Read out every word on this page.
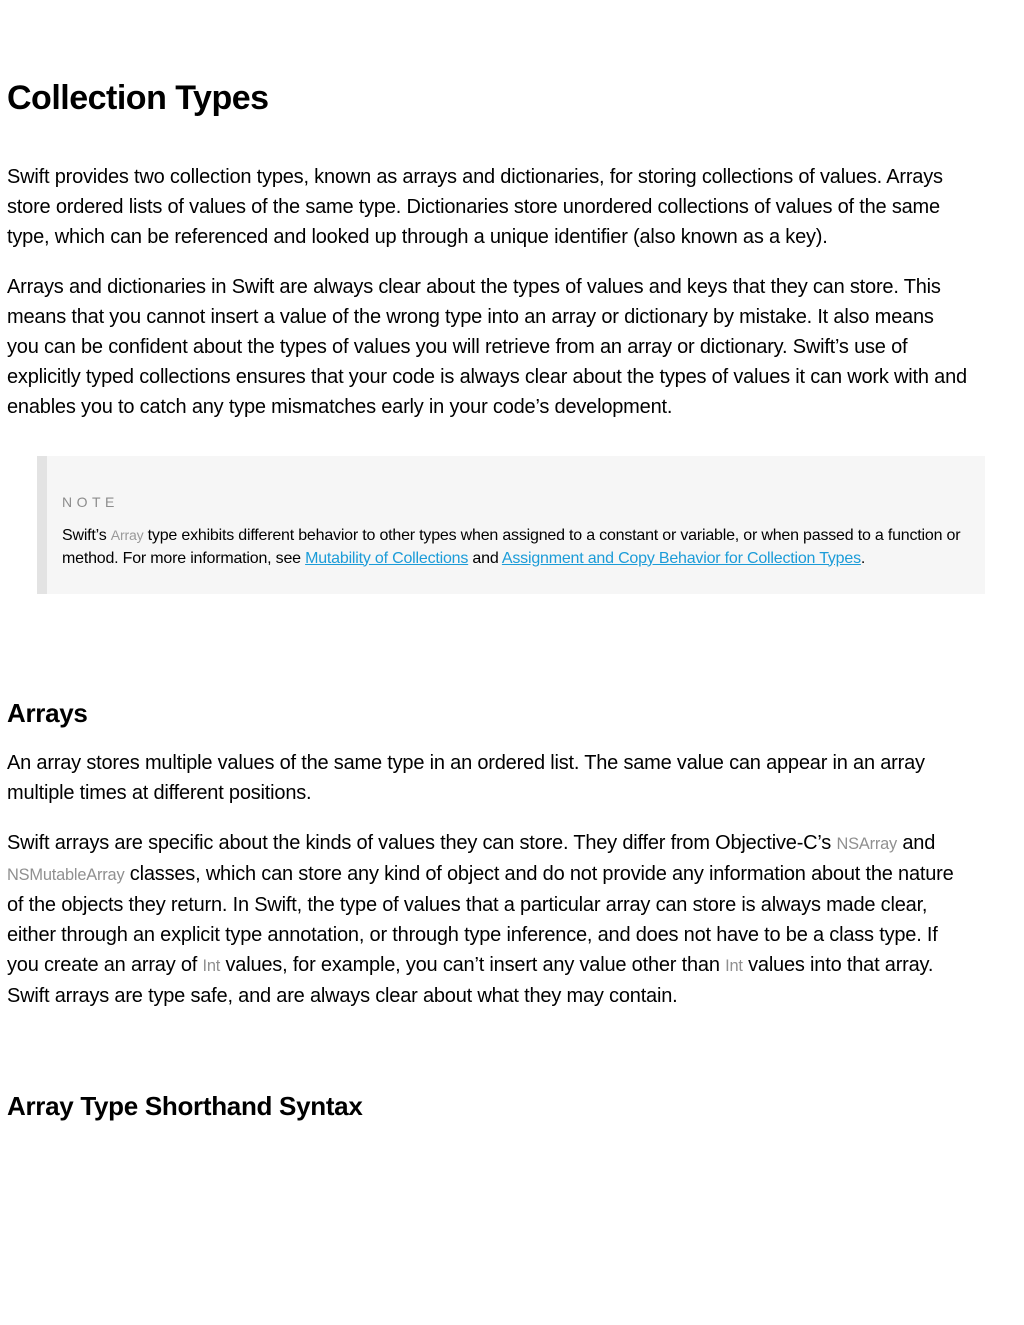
Collection Types

Swift provides two collection types, known as arrays and dictionaries, for storing collections of values. Arrays store ordered lists of values of the same type. Dictionaries store unordered collections of values of the same type, which can be referenced and looked up through a unique identifier (also known as a key).

Arrays and dictionaries in Swift are always clear about the types of values and keys that they can store. This means that you cannot insert a value of the wrong type into an array or dictionary by mistake. It also means you can be confident about the types of values you will retrieve from an array or dictionary. Swift’s use of explicitly typed collections ensures that your code is always clear about the types of values it can work with and enables you to catch any type mismatches early in your code’s development.

NOTE
Swift’s Array type exhibits different behavior to other types when assigned to a constant or variable, or when passed to a function or method. For more information, see Mutability of Collections and Assignment and Copy Behavior for Collection Types.
Arrays

An array stores multiple values of the same type in an ordered list. The same value can appear in an array multiple times at different positions.

Swift arrays are specific about the kinds of values they can store. They differ from Objective-C’s NSArray and NSMutableArray classes, which can store any kind of object and do not provide any information about the nature of the objects they return. In Swift, the type of values that a particular array can store is always made clear, either through an explicit type annotation, or through type inference, and does not have to be a class type. If you create an array of Int values, for example, you can’t insert any value other than Int values into that array. Swift arrays are type safe, and are always clear about what they may contain.

Array Type Shorthand Syntax
